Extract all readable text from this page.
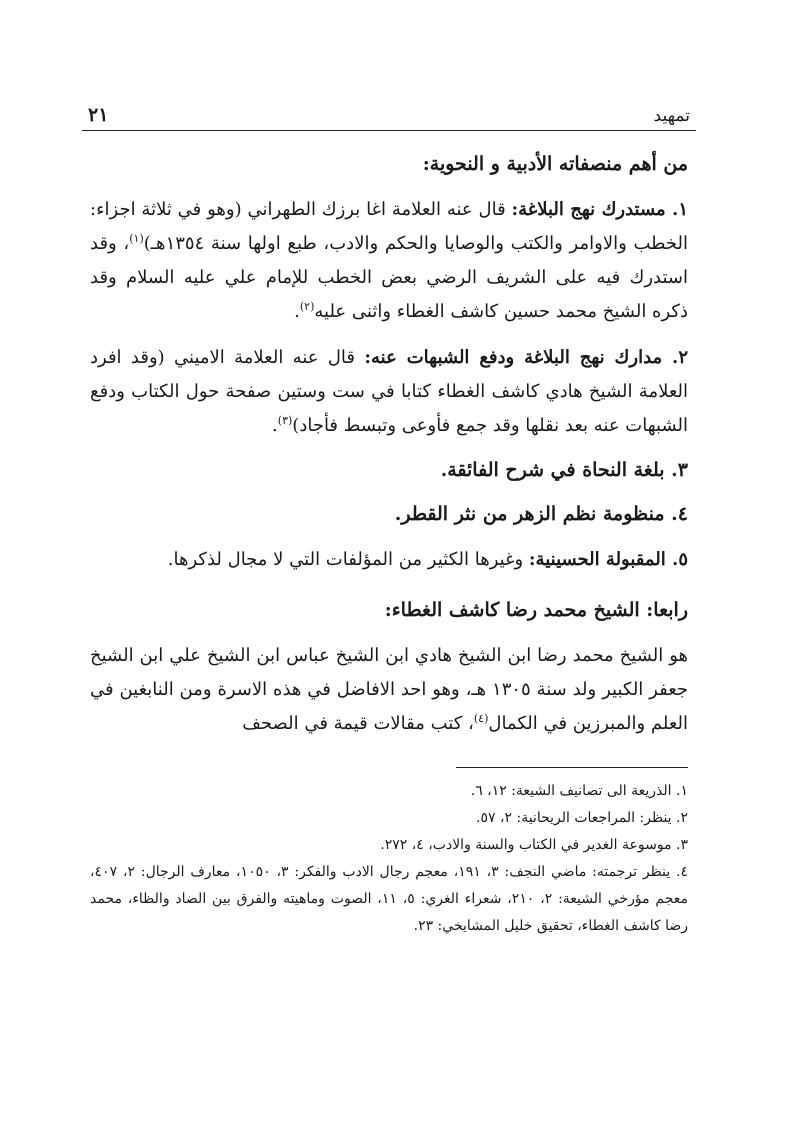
تمهيد
٢١
من أهم منصفاته الأدبية و النحوية:

١. مستدرك نهج البلاغة: قال عنه العلامة اغا برزك الطهراني (وهو في ثلاثة اجزاء: الخطب والاوامر والكتب والوصايا والحكم والادب، طبع اولها سنة ١٣٥٤هـ)$^{(١)}$، وقد استدرك فيه على الشريف الرضي بعض الخطب للإمام علي عليه السلام وقد ذكره الشيخ محمد حسين كاشف الغطاء واثنى عليه$^{(٢)}$.

٢. مدارك نهج البلاغة ودفع الشبهات عنه: قال عنه العلامة الاميني (وقد افرد العلامة الشيخ هادي كاشف الغطاء كتابا في ست وستين صفحة حول الكتاب ودفع الشبهات عنه بعد نقلها وقد جمع فأوعى وتبسط فأجاد)$^{(٣)}$.

٣. بلغة النحاة في شرح الفائقة.
٤. منظومة نظم الزهر من نثر القطر.

٥. المقبولة الحسينية: وغيرها الكثير من المؤلفات التي لا مجال لذكرها.

رابعا: الشيخ محمد رضا كاشف الغطاء:

هو الشيخ محمد رضا ابن الشيخ هادي ابن الشيخ عباس ابن الشيخ علي ابن الشيخ جعفر الكبير ولد سنة ١٣٠٥ هـ، وهو احد الافاضل في هذه الاسرة ومن النابغين في العلم والمبرزين في الكمال$^{(٤)}$، كتب مقالات قيمة في الصحف

١. الذريعة الى تصانيف الشيعة: ١٢، ٦.

٢. ينظر: المراجعات الريحانية: ٢، ٥٧.

٣. موسوعة الغدير في الكتاب والسنة والادب، ٤، ٢٧٢.

٤. ينظر ترجمته: ماضي النجف: ٣، ١٩١، معجم رجال الادب والفكر: ٣، ١٠٥٠، معارف الرجال: ٢، ٤٠٧، معجم مؤرخي الشيعة: ٢، ٢١٠، شعراء الغري: ٥، ١١، الصوت وماهيته والفرق بين الضاد والظاء، محمد رضا كاشف الغطاء، تحقيق خليل المشايخي: ٢٣.
